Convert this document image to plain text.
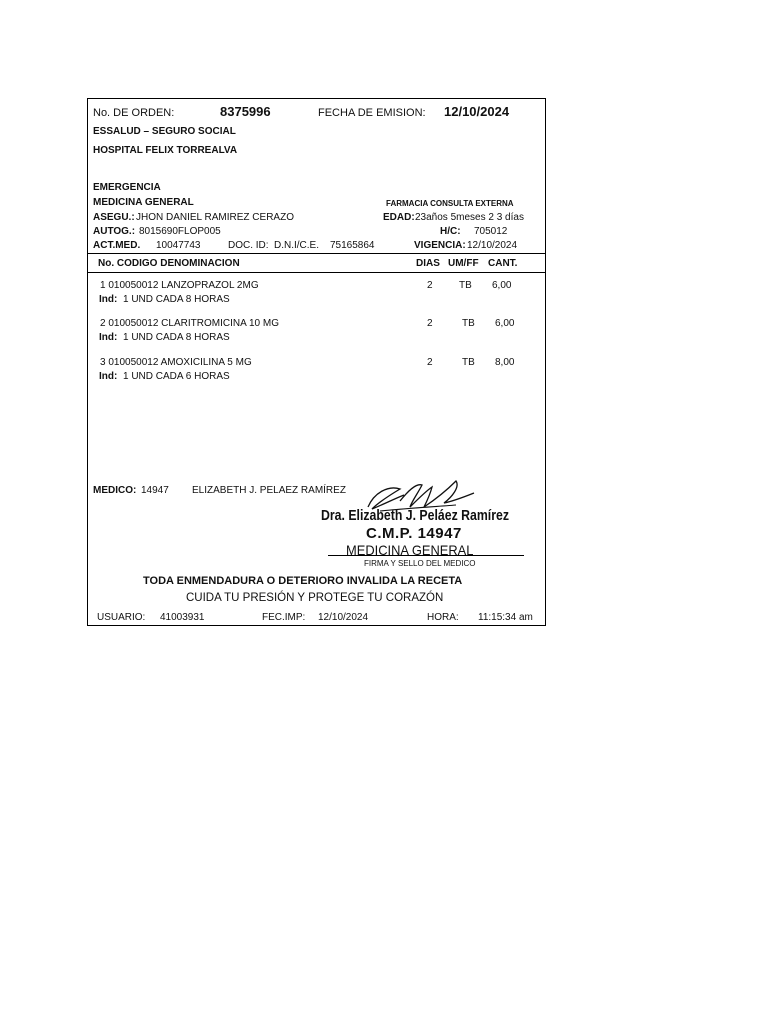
No. DE ORDEN:	8375996	FECHA DE EMISION: 12/10/2024
ESSALUD – SEGURO SOCIAL
HOSPITAL FELIX TORREALVA
EMERGENCIA
MEDICINA GENERAL	FARMACIA CONSULTA EXTERNA
ASEGU.: JHON DANIEL RAMIREZ CERAZO	EDAD: 23años 5meses 2 3 días
AUTOG.: 8015690FLOP005	H/C: 705012
ACT.MED. 10047743	DOC. ID: D.N.I/C.E. 75165864	VIGENCIA: 12/10/2024
No. CODIGO DENOMINACION	DIAS UM/FF CANT.
1 010050012 LANZOPRAZOL 2MG	2	TB 6,00
Ind: 1 UND CADA 8 HORAS
2 010050012 CLARITROMICINA 10 MG	2	TB 6,00
Ind: 1 UND CADA 8 HORAS
3 010050012 AMOXICILINA 5 MG	2	TB 8,00
Ind: 1 UND CADA 6 HORAS
MEDICO: 14947 ELIZABETH J. PELAEZ RAMÍREZ
Dra. Elizabeth J. Peláez Ramírez
C.M.P. 14947
MEDICINA GENERAL
FIRMA Y SELLO DEL MEDICO
TODA ENMENDADURA O DETERIORO INVALIDA LA RECETA
CUIDA TU PRESIÓN Y PROTEGE TU CORAZÓN
USUARIO: 41003931	FEC.IMP: 12/10/2024	HORA: 11:15:34 am
